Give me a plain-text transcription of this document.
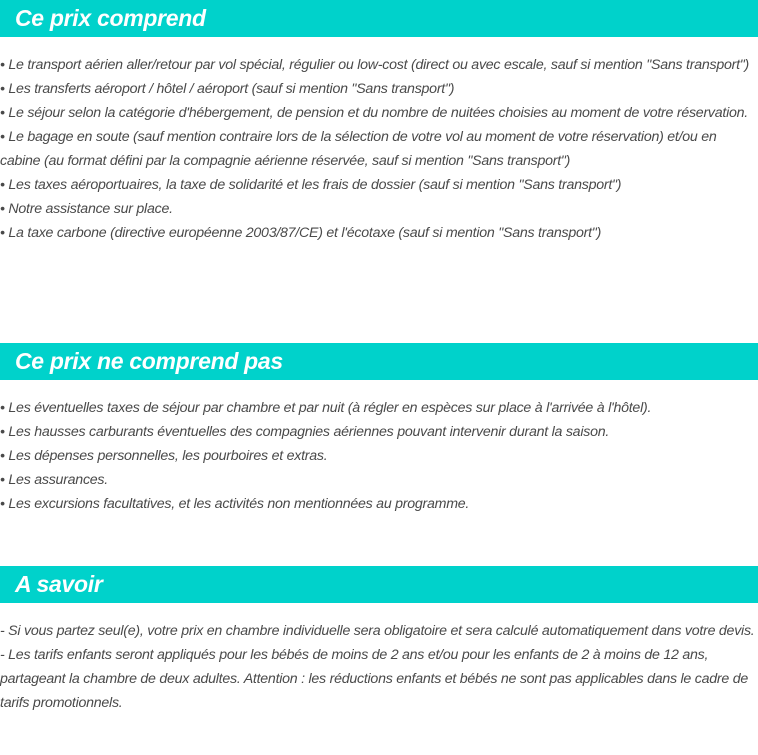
Ce prix comprend
• Le transport aérien aller/retour par vol spécial, régulier ou low-cost (direct ou avec escale, sauf si mention "Sans transport")
• Les transferts aéroport / hôtel / aéroport (sauf si mention "Sans transport")
• Le séjour selon la catégorie d'hébergement, de pension et du nombre de nuitées choisies au moment de votre réservation.
• Le bagage en soute (sauf mention contraire lors de la sélection de votre vol au moment de votre réservation) et/ou en cabine (au format défini par la compagnie aérienne réservée, sauf si mention "Sans transport")
• Les taxes aéroportuaires, la taxe de solidarité et les frais de dossier (sauf si mention "Sans transport")
• Notre assistance sur place.
• La taxe carbone (directive européenne 2003/87/CE) et l'écotaxe (sauf si mention "Sans transport")
Ce prix ne comprend pas
• Les éventuelles taxes de séjour par chambre et par nuit (à régler en espèces sur place à l'arrivée à l'hôtel).
• Les hausses carburants éventuelles des compagnies aériennes pouvant intervenir durant la saison.
• Les dépenses personnelles, les pourboires et extras.
• Les assurances.
• Les excursions facultatives, et les activités non mentionnées au programme.
A savoir
- Si vous partez seul(e), votre prix en chambre individuelle sera obligatoire et sera calculé automatiquement dans votre devis.
- Les tarifs enfants seront appliqués pour les bébés de moins de 2 ans et/ou pour les enfants de 2 à moins de 12 ans, partageant la chambre de deux adultes. Attention : les réductions enfants et bébés ne sont pas applicables dans le cadre de tarifs promotionnels.
